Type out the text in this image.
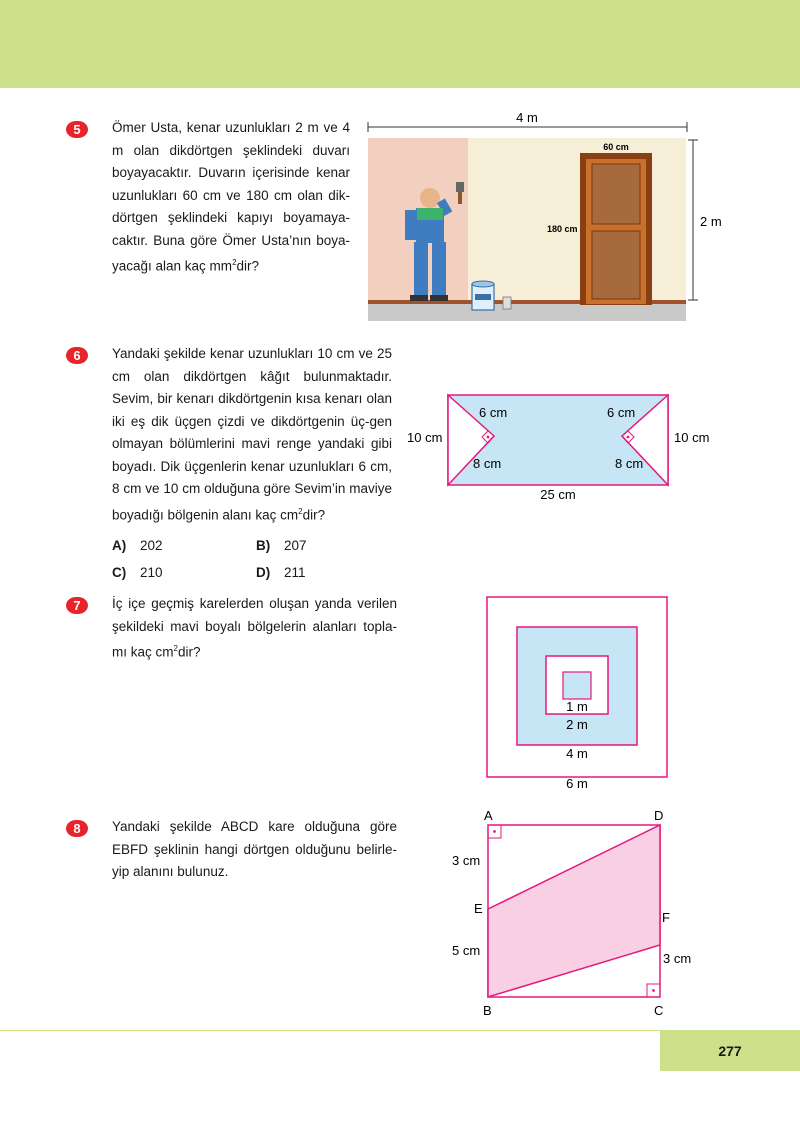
5	Ömer Usta, kenar uzunlukları 2 m ve 4 m olan dikdörtgen şeklindeki duvarı boyayacaktır. Duvarın içerisinde kenar uzunlukları 60 cm ve 180 cm olan dik-dörtgen şeklindeki kapıyı boyamaya-caktır. Buna göre Ömer Usta’nın boya-yacağı alan kaç $mm^2dir$?
4 m
2 m
60 cm
180 cm
6	Yandaki şekilde kenar uzunlukları 10 cm ve 25 cm olan dikdörtgen kâğıt bulunmaktadır. Sevim, bir kenarı dikdörtgenin kısa kenarı olan iki eş dik üçgen çizdi ve dikdörtgenin üç-gen olmayan bölümlerini mavi renge yandaki gibi boyadı. Dik üçgenlerin kenar uzunlukları 6 cm, 8 cm ve 10 cm olduğuna göre Sevim’in maviye boyadığı bölgenin alanı kaç $cm^2dir$?
A) 202	B) 207
C) 210	D) 211
10 cm	10 cm
25 cm
6 cm	6 cm
8 cm	8 cm
7	İç içe geçmiş karelerden oluşan yanda verilen şekildeki mavi boyalı bölgelerin alanları topla-mı kaç $cm^2dir$?
1 m
2 m
4 m
6 m
8	Yandaki şekilde ABCD kare olduğuna göre EBFD şeklinin hangi dörtgen olduğunu belirle-yip alanını bulunuz.
A	D
E
F
B	C
3 cm
5 cm
3 cm
277
